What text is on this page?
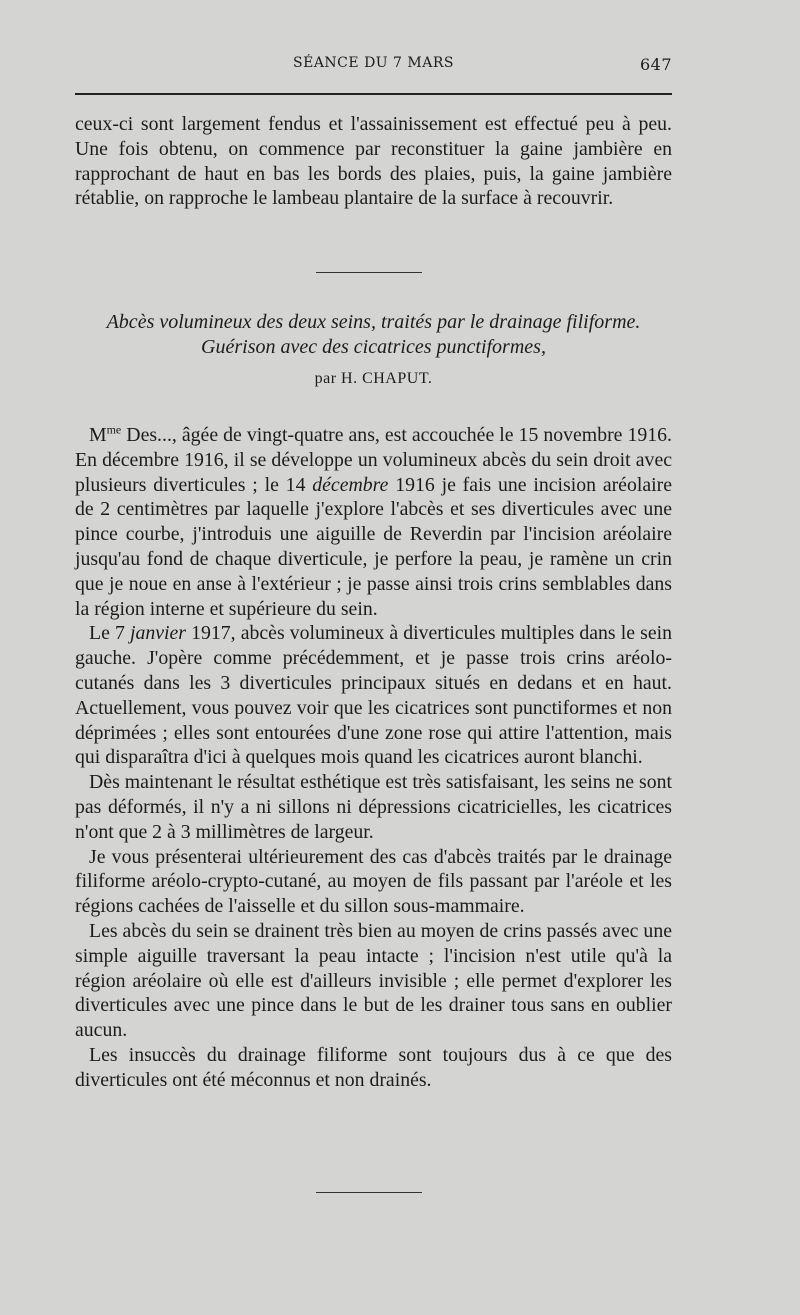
SÉANCE DU 7 MARS	647

ceux-ci sont largement fendus et l'assainissement est effectué peu à peu. Une fois obtenu, on commence par reconstituer la gaine jambière en rapprochant de haut en bas les bords des plaies, puis, la gaine jambière rétablie, on rapproche le lambeau plantaire de la surface à recouvrir.

Abcès volumineux des deux seins, traités par le drainage filiforme.
Guérison avec des cicatrices punctiformes,
par H. CHAPUT.

$M^{me}$ Des..., âgée de vingt-quatre ans, est accouchée le 15 novembre 1916. En décembre 1916, il se développe un volumineux abcès du sein droit avec plusieurs diverticules ; le 14 décembre 1916 je fais une incision aréolaire de 2 centimètres par laquelle j'explore l'abcès et ses diverticules avec une pince courbe, j'introduis une aiguille de Reverdin par l'incision aréolaire jusqu'au fond de chaque diverticule, je perfore la peau, je ramène un crin que je noue en anse à l'extérieur ; je passe ainsi trois crins semblables dans la région interne et supérieure du sein.

Le 7 janvier 1917, abcès volumineux à diverticules multiples dans le sein gauche. J'opère comme précédemment, et je passe trois crins aréolo-cutanés dans les 3 diverticules principaux situés en dedans et en haut. Actuellement, vous pouvez voir que les cicatrices sont punctiformes et non déprimées ; elles sont entourées d'une zone rose qui attire l'attention, mais qui disparaîtra d'ici à quelques mois quand les cicatrices auront blanchi.

Dès maintenant le résultat esthétique est très satisfaisant, les seins ne sont pas déformés, il n'y a ni sillons ni dépressions cicatricielles, les cicatrices n'ont que 2 à 3 millimètres de largeur.

Je vous présenterai ultérieurement des cas d'abcès traités par le drainage filiforme aréolo-crypto-cutané, au moyen de fils passant par l'aréole et les régions cachées de l'aisselle et du sillon sous-mammaire.

Les abcès du sein se drainent très bien au moyen de crins passés avec une simple aiguille traversant la peau intacte ; l'incision n'est utile qu'à la région aréolaire où elle est d'ailleurs invisible ; elle permet d'explorer les diverticules avec une pince dans le but de les drainer tous sans en oublier aucun.

Les insuccès du drainage filiforme sont toujours dus à ce que des diverticules ont été méconnus et non drainés.
